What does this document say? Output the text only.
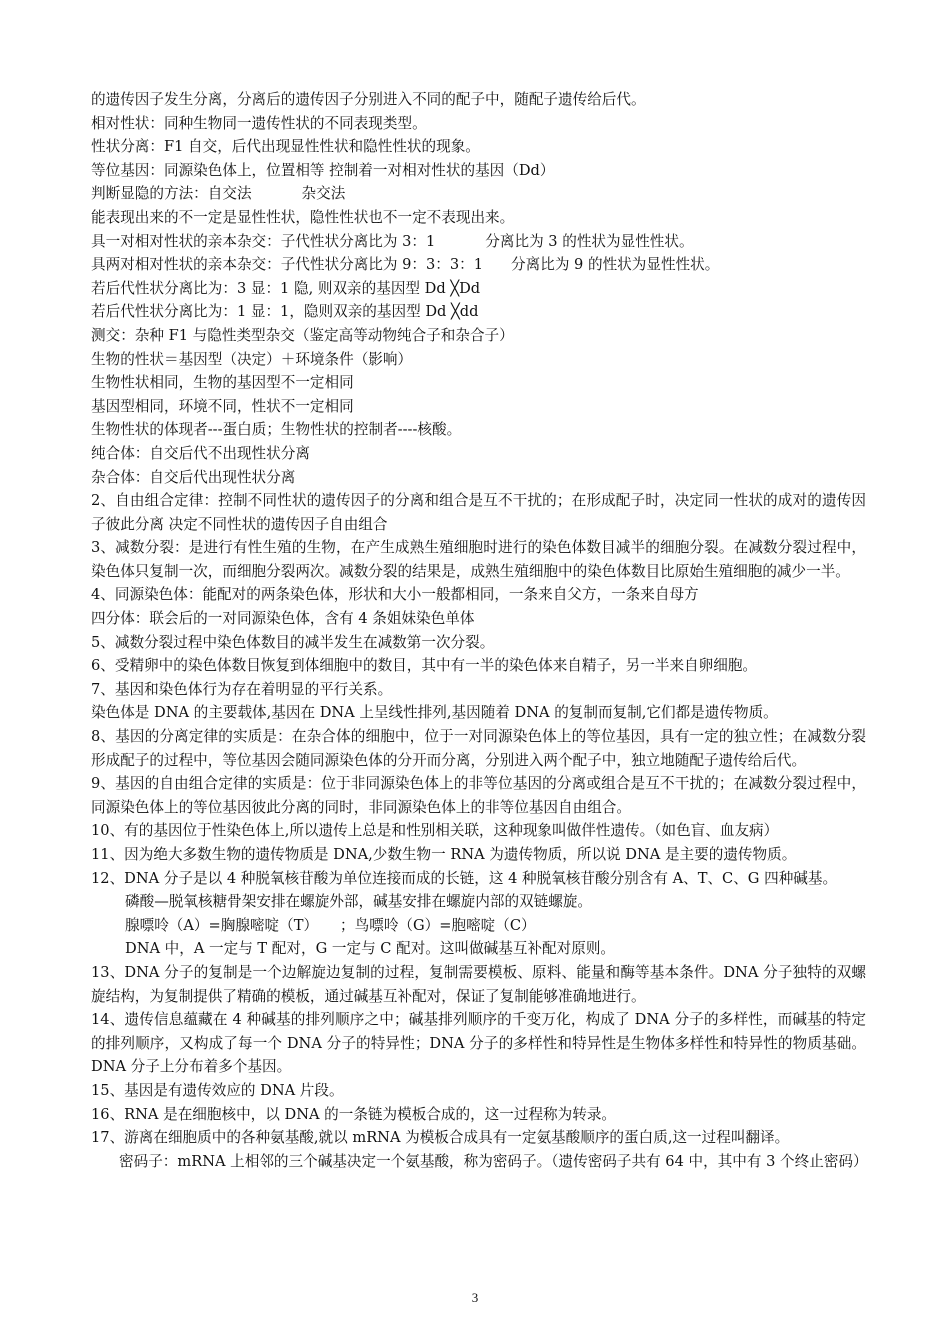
的遗传因子发生分离，分离后的遗传因子分别进入不同的配子中，随配子遗传给后代。
相对性状：同种生物同一遗传性状的不同表现类型。
性状分离：F1 自交，后代出现显性性状和隐性性状的现象。
等位基因：同源染色体上，位置相等 控制着一对相对性状的基因（Dd）
判断显隐的方法：自交法	杂交法
能表现出来的不一定是显性性状，隐性性状也不一定不表现出来。
具一对相对性状的亲本杂交：子代性状分离比为 3：1	分离比为 3 的性状为显性性状。
具两对相对性状的亲本杂交：子代性状分离比为 9：3：3：1 分离比为 9 的性状为显性性状。
若后代性状分离比为：3 显：1 隐, 则双亲的基因型 Dd ╳Dd
若后代性状分离比为：1 显：1，隐则双亲的基因型 Dd ╳dd
测交：杂种 F1 与隐性类型杂交（鉴定高等动物纯合子和杂合子）
生物的性状＝基因型（决定）＋环境条件（影响）
生物性状相同，生物的基因型不一定相同
基因型相同，环境不同，性状不一定相同
生物性状的体现者---蛋白质；生物性状的控制者----核酸。
纯合体：自交后代不出现性状分离
杂合体：自交后代出现性状分离
2、自由组合定律：控制不同性状的遗传因子的分离和组合是互不干扰的；在形成配子时，决定同一性状的成对的遗传因子彼此分离 决定不同性状的遗传因子自由组合
3、减数分裂：是进行有性生殖的生物，在产生成熟生殖细胞时进行的染色体数目减半的细胞分裂。在减数分裂过程中，染色体只复制一次，而细胞分裂两次。减数分裂的结果是，成熟生殖细胞中的染色体数目比原始生殖细胞的减少一半。
4、同源染色体：能配对的两条染色体，形状和大小一般都相同，一条来自父方，一条来自母方
四分体：联会后的一对同源染色体，含有 4 条姐妹染色单体
5、减数分裂过程中染色体数目的减半发生在减数第一次分裂。
6、受精卵中的染色体数目恢复到体细胞中的数目，其中有一半的染色体来自精子，另一半来自卵细胞。
7、基因和染色体行为存在着明显的平行关系。
染色体是 DNA 的主要载体,基因在 DNA 上呈线性排列,基因随着 DNA 的复制而复制,它们都是遗传物质。
8、基因的分离定律的实质是：在杂合体的细胞中，位于一对同源染色体上的等位基因，具有一定的独立性；在减数分裂形成配子的过程中，等位基因会随同源染色体的分开而分离，分别进入两个配子中，独立地随配子遗传给后代。
9、基因的自由组合定律的实质是：位于非同源染色体上的非等位基因的分离或组合是互不干扰的；在减数分裂过程中，同源染色体上的等位基因彼此分离的同时，非同源染色体上的非等位基因自由组合。
10、有的基因位于性染色体上,所以遗传上总是和性别相关联，这种现象叫做伴性遗传。（如色盲、血友病）
11、因为绝大多数生物的遗传物质是 DNA,少数生物一 RNA 为遗传物质，所以说 DNA 是主要的遗传物质。
12、DNA 分子是以 4 种脱氧核苷酸为单位连接而成的长链，这 4 种脱氧核苷酸分别含有 A、T、C、G 四种碱基。
磷酸—脱氧核糖骨架安排在螺旋外部，碱基安排在螺旋内部的双链螺旋。
腺嘌呤（A）=胸腺嘧啶（T） ；鸟嘌呤（G）=胞嘧啶（C）
DNA 中，A 一定与 T 配对，G 一定与 C 配对。这叫做碱基互补配对原则。
13、DNA 分子的复制是一个边解旋边复制的过程，复制需要模板、原料、能量和酶等基本条件。DNA 分子独特的双螺旋结构，为复制提供了精确的模板，通过碱基互补配对，保证了复制能够准确地进行。
14、遗传信息蕴藏在 4 种碱基的排列顺序之中；碱基排列顺序的千变万化，构成了 DNA 分子的多样性，而碱基的特定的排列顺序，又构成了每一个 DNA 分子的特异性；DNA 分子的多样性和特异性是生物体多样性和特异性的物质基础。DNA 分子上分布着多个基因。
15、基因是有遗传效应的 DNA 片段。
16、RNA 是在细胞核中，以 DNA 的一条链为模板合成的，这一过程称为转录。
17、游离在细胞质中的各种氨基酸,就以 mRNA 为模板合成具有一定氨基酸顺序的蛋白质,这一过程叫翻译。
密码子：mRNA 上相邻的三个碱基决定一个氨基酸，称为密码子。（遗传密码子共有 64 中，其中有 3 个终止密码）
3
